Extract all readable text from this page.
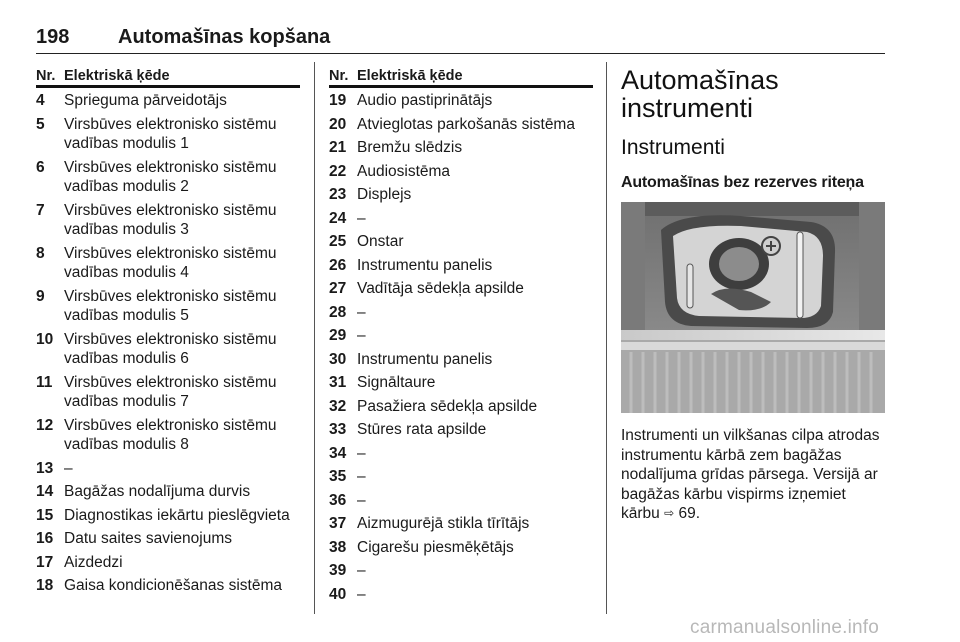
198 Automašīnas kopšana
Nr. Elektriskā ķēde
4	Sprieguma pārveidotājs
5	Virsbūves elektronisko sistēmu vadības modulis 1
6	Virsbūves elektronisko sistēmu vadības modulis 2
7	Virsbūves elektronisko sistēmu vadības modulis 3
8	Virsbūves elektronisko sistēmu vadības modulis 4
9	Virsbūves elektronisko sistēmu vadības modulis 5
10 Virsbūves elektronisko sistēmu vadības modulis 6
11 Virsbūves elektronisko sistēmu vadības modulis 7
12 Virsbūves elektronisko sistēmu vadības modulis 8
13 –
14 Bagāžas nodalījuma durvis
15 Diagnostikas iekārtu pieslēgvieta
16 Datu saites savienojums
17 Aizdedzi
18 Gaisa kondicionēšanas sistēma
Nr. Elektriskā ķēde
19 Audio pastiprinātājs
20 Atvieglotas parkošanās sistēma
21 Bremžu slēdzis
22 Audiosistēma
23 Displejs
24 –
25 Onstar
26 Instrumentu panelis
27 Vadītāja sēdekļa apsilde
28 –
29 –
30 Instrumentu panelis
31 Signāltaure
32 Pasažiera sēdekļa apsilde
33 Stūres rata apsilde
34 –
35 –
36 –
37 Aizmugurējā stikla tīrītājs
38 Cigarešu piesmēķētājs
39 –
40 –
Automašīnas instrumenti
Instrumenti
Automašīnas bez rezerves riteņa
Instrumenti un vilkšanas cilpa atrodas instrumentu kārbā zem bagāžas nodalījuma grīdas pārsega. Versijā ar bagāžas kārbu vispirms izņemiet kārbu ⇨ 69.
carmanualsonline.info
